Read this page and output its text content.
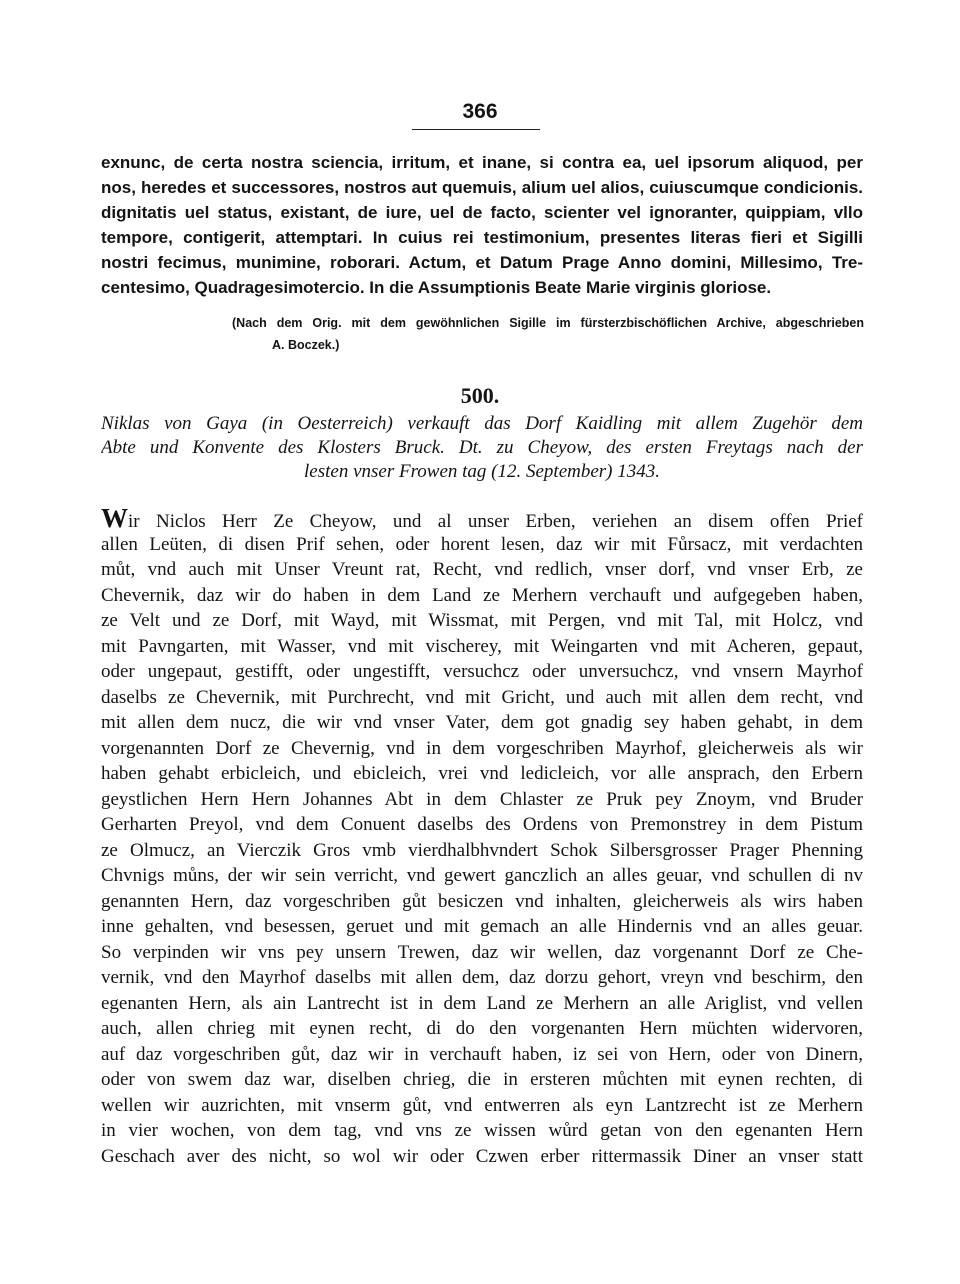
366
exnunc, de certa nostra sciencia, irritum, et inane, si contra ea, uel ipsorum aliquod, per
nos, heredes et successores, nostros aut quemuis, alium uel alios, cuiuscumque condicionis.
dignitatis uel status, existant, de iure, uel de facto, scienter vel ignoranter, quippiam, vllo
tempore, contigerit, attemptari. In cuius rei testimonium, presentes literas fieri et Sigilli
nostri fecimus, munimine, roborari. Actum, et Datum Prage Anno domini, Millesimo, Tre-
centesimo, Quadragesimotercio. In die Assumptionis Beate Marie virginis gloriose.
(Nach dem Orig. mit dem gewöhnlichen Sigille im fürsterzbischöflichen Archive, abgeschrieben
A. Boczek.)
500.
Niklas von Gaya (in Oesterreich) verkauft das Dorf Kaidling mit allem Zugehör dem
Abte und Konvente des Klosters Bruck. Dt. zu Cheyow, des ersten Freytags nach der
lesten vnser Frowen tag (12. September) 1343.
Wir Niclos Herr Ze Cheyow, und al unser Erben, veriehen an disem offen Prief
allen Leüten, di disen Prif sehen, oder horent lesen, daz wir mit Fůrsacz, mit verdachten
můt, vnd auch mit Unser Vreunt rat, Recht, vnd redlich, vnser dorf, vnd vnser Erb, ze
Chevernik, daz wir do haben in dem Land ze Merhern verchauft und aufgegeben haben,
ze Velt und ze Dorf, mit Wayd, mit Wissmat, mit Pergen, vnd mit Tal, mit Holcz, vnd
mit Pavngarten, mit Wasser, vnd mit vischerey, mit Weingarten vnd mit Acheren, gepaut,
oder ungepaut, gestifft, oder ungestifft, versuchcz oder unversuchcz, vnd vnsern Mayrhof
daselbs ze Chevernik, mit Purchrecht, vnd mit Gricht, und auch mit allen dem recht, vnd
mit allen dem nucz, die wir vnd vnser Vater, dem got gnadig sey haben gehabt, in dem
vorgenannten Dorf ze Chevernig, vnd in dem vorgeschriben Mayrhof, gleicherweis als wir
haben gehabt erbicleich, und ebicleich, vrei vnd ledicleich, vor alle ansprach, den Erbern
geystlichen Hern Hern Johannes Abt in dem Chlaster ze Pruk pey Znoym, vnd Bruder
Gerharten Preyol, vnd dem Conuent daselbs des Ordens von Premonstrey in dem Pistum
ze Olmucz, an Vierczik Gros vmb vierdhalbhvndert Schok Silbersgrosser Prager Phenning
Chvnigs můns, der wir sein verricht, vnd gewert ganczlich an alles geuar, vnd schullen di nv
genannten Hern, daz vorgeschriben gůt besiczen vnd inhalten, gleicherweis als wirs haben
inne gehalten, vnd besessen, geruet und mit gemach an alle Hindernis vnd an alles geuar.
So verpinden wir vns pey unsern Trewen, daz wir wellen, daz vorgenannt Dorf ze Che-
vernik, vnd den Mayrhof daselbs mit allen dem, daz dorzu gehort, vreyn vnd beschirm, den
egenanten Hern, als ain Lantrecht ist in dem Land ze Merhern an alle Ariglist, vnd vellen
auch, allen chrieg mit eynen recht, di do den vorgenanten Hern müchten widervoren,
auf daz vorgeschriben gůt, daz wir in verchauft haben, iz sei von Hern, oder von Dinern,
oder von swem daz war, diselben chrieg, die in ersteren můchten mit eynen rechten, di
wellen wir auzrichten, mit vnserm gůt, vnd entwerren als eyn Lantzrecht ist ze Merhern
in vier wochen, von dem tag, vnd vns ze wissen wůrd getan von den egenanten Hern
Geschach aver des nicht, so wol wir oder Czwen erber rittermassik Diner an vnser statt
